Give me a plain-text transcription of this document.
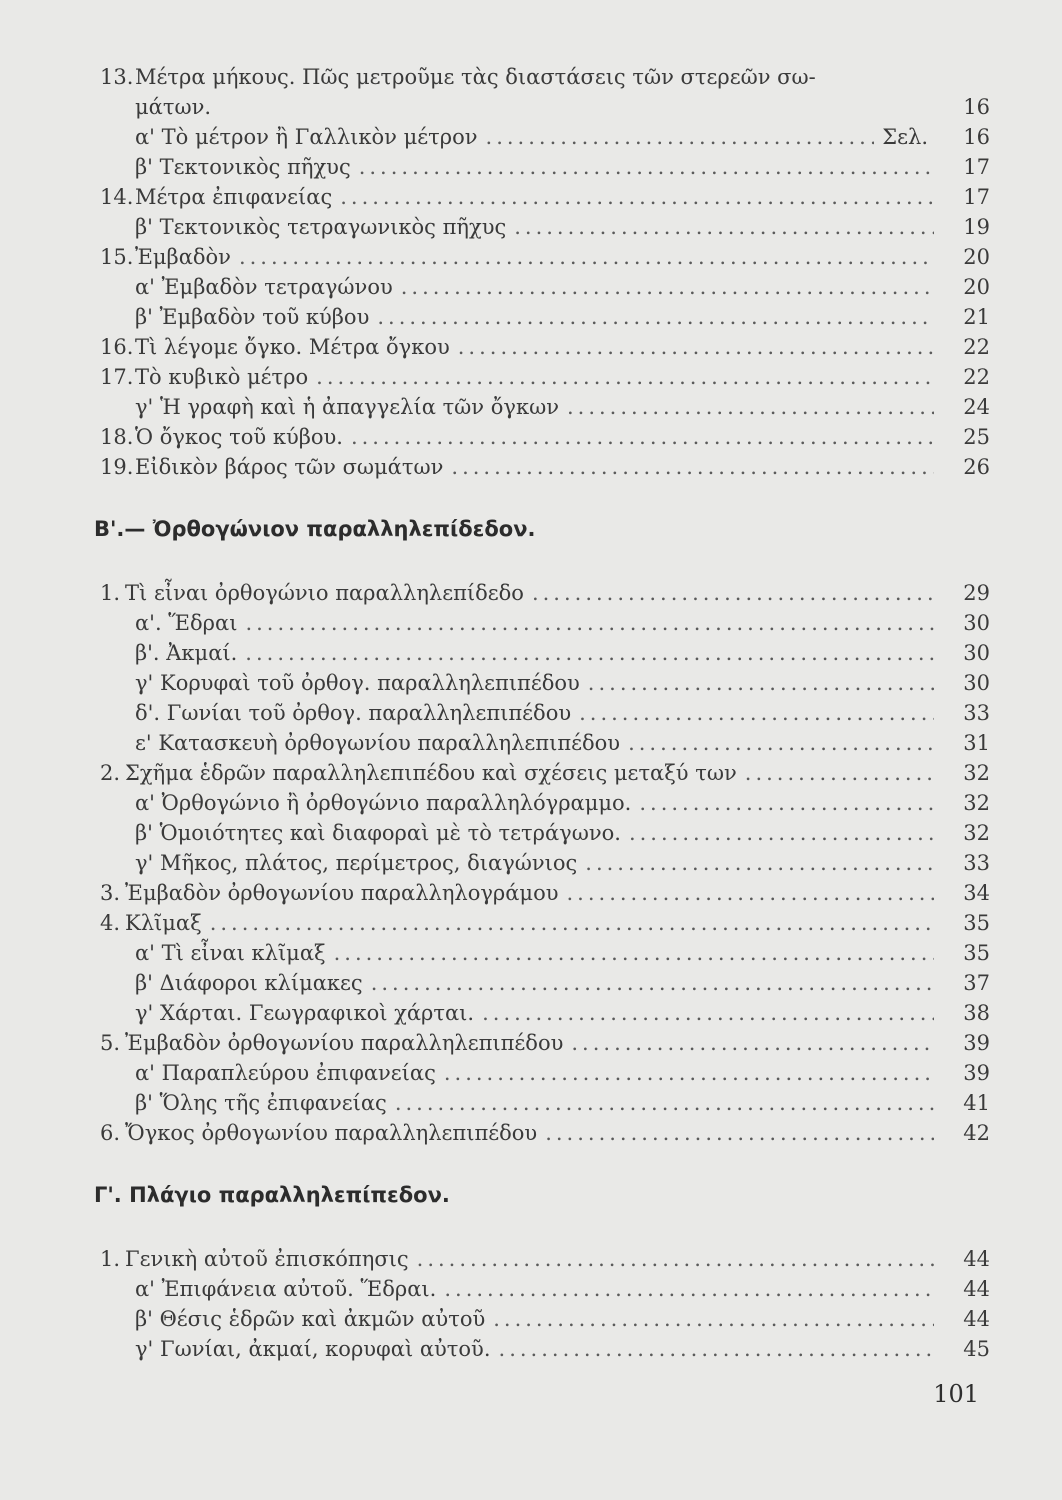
13. Μέτρα μήκους. Πῶς μετροῦμε τὰς διαστάσεις τῶν στερεῶν σω-
μάτων.	16
α' Τὸ μέτρον ἢ Γαλλικὸν μέτρον .....	Σελ.	16
β' Τεκτονικὸς πῆχυς .....	17
14. Μέτρα ἐπιφανείας .....	17
β' Τεκτονικὸς τετραγωνικὸς πῆχυς .....	19
15. Ἐμβαδὸν .....	20
α' Ἐμβαδὸν τετραγώνου .....	20
β' Ἐμβαδὸν τοῦ κύβου .....	21
16. Τὶ λέγομε ὄγκο. Μέτρα ὄγκου .....	22
17. Τὸ κυβικὸ μέτρο .....	22
γ' Ἡ γραφὴ καὶ ἡ ἀπαγγελία τῶν ὄγκων .....	24
18. Ὁ ὄγκος τοῦ κύβου. .....	25
19. Εἰδικὸν βάρος τῶν σωμάτων .....	26
Β'.— Ὀρθογώνιον παραλληλεπίδεδον.
1. Τὶ εἶναι ὀρθογώνιο παραλληλεπίδεδο .....	29
α'. Ἕδραι .....	30
β'. Ἀκμαί. .....	30
γ' Κορυφαὶ τοῦ ὀρθογ. παραλληλεπιπέδου .....	30
δ'. Γωνίαι τοῦ ὀρθογ. παραλληλεπιπέδου .....	33
ε' Κατασκευὴ ὀρθογωνίου παραλληλεπιπέδου .....	31
2. Σχῆμα ἑδρῶν παραλληλεπιπέδου καὶ σχέσεις μεταξύ των .....	32
α' Ὀρθογώνιο ἢ ὀρθογώνιο παραλληλόγραμμο. .....	32
β' Ὁμοιότητες καὶ διαφοραὶ μὲ τὸ τετράγωνο. .....	32
γ' Μῆκος, πλάτος, περίμετρος, διαγώνιος .....	33
3. Ἐμβαδὸν ὀρθογωνίου παραλληλογράμου .....	34
4. Κλῖμαξ .....	35
α' Τὶ εἶναι κλῖμαξ .....	35
β' Διάφοροι κλίμακες .....	37
γ' Χάρται. Γεωγραφικοὶ χάρται. .....	38
5. Ἐμβαδὸν ὀρθογωνίου παραλληλεπιπέδου .....	39
α' Παραπλεύρου ἐπιφανείας .....	39
β' Ὅλης τῆς ἐπιφανείας .....	41
6. Ὄγκος ὀρθογωνίου παραλληλεπιπέδου .....	42
Γ'. Πλάγιο παραλληλεπίπεδον.
1. Γενικὴ αὐτοῦ ἐπισκόπησις .....	44
α' Ἐπιφάνεια αὐτοῦ. Ἕδραι. .....	44
β' Θέσις ἑδρῶν καὶ ἀκμῶν αὐτοῦ .....	44
γ' Γωνίαι, ἀκμαί, κορυφαὶ αὐτοῦ. .....	45
101
